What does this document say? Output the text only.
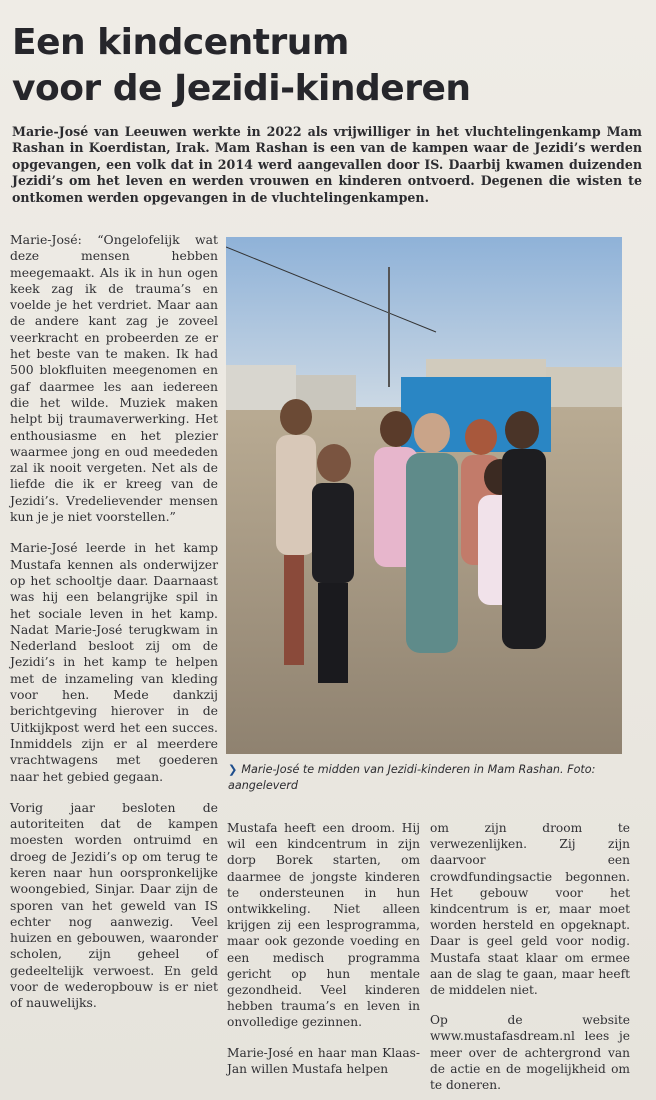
Een kindcentrum
voor de Jezidi-kinderen

Marie-José van Leeuwen werkte in 2022 als vrijwilliger in het vluchtelingenkamp Mam Rashan in Koerdistan, Irak. Mam Rashan is een van de kampen waar de Jezidi’s werden opgevangen, een volk dat in 2014 werd aangevallen door IS. Daarbij kwamen duizenden Jezidi’s om het leven en werden vrouwen en kinderen ontvoerd. Degenen die wisten te ontkomen werden opgevangen in de vluchtelingenkampen.

Marie-José: “Ongelofelijk wat deze mensen hebben meegemaakt. Als ik in hun ogen keek zag ik de trauma’s en voelde je het verdriet. Maar aan de andere kant zag je zoveel veerkracht en probeerden ze er het beste van te maken. Ik had 500 blokfluiten meegenomen en gaf daarmee les aan iedereen die het wilde. Muziek maken helpt bij traumaverwerking. Het enthousiasme en het plezier waarmee jong en oud meededen zal ik nooit vergeten. Net als de liefde die ik er kreeg van de Jezidi’s. Vredelievender mensen kun je je niet voorstellen.”

Marie-José leerde in het kamp Mustafa kennen als onderwijzer op het schooltje daar. Daarnaast was hij een belangrijke spil in het sociale leven in het kamp. Nadat Marie-José terugkwam in Nederland besloot zij om de Jezidi’s in het kamp te helpen met de inzameling van kleding voor hen. Mede dankzij berichtgeving hierover in de Uitkijkpost werd het een succes. Inmiddels zijn er al meerdere vrachtwagens met goederen naar het gebied gegaan.

Vorig jaar besloten de autoriteiten dat de kampen moesten worden ontruimd en droeg de Jezidi’s op om terug te keren naar hun oorspronkelijke woongebied, Sinjar. Daar zijn de sporen van het geweld van IS echter nog aanwezig. Veel huizen en gebouwen, waaronder scholen, zijn geheel of gedeeltelijk verwoest. En geld voor de wederopbouw is er niet of nauwelijks.

❯ Marie-José te midden van Jezidi-kinderen in Mam Rashan. Foto: aangeleverd

Mustafa heeft een droom. Hij wil een kindcentrum in zijn dorp Borek starten, om daarmee de jongste kinderen te ondersteunen in hun ontwikkeling. Niet alleen krijgen zij een lesprogramma, maar ook gezonde voeding en een medisch programma gericht op hun mentale gezondheid. Veel kinderen hebben trauma’s en leven in onvolledige gezinnen.

Marie-José en haar man Klaas-Jan willen Mustafa helpen

om zijn droom te verwezenlijken. Zij zijn daarvoor een crowdfundingsactie begonnen. Het gebouw voor het kindcentrum is er, maar moet worden hersteld en opgeknapt. Daar is geel geld voor nodig. Mustafa staat klaar om ermee aan de slag te gaan, maar heeft de middelen niet.

Op de website www.mustafasdream.nl lees je meer over de achtergrond van de actie en de mogelijkheid om te doneren.
